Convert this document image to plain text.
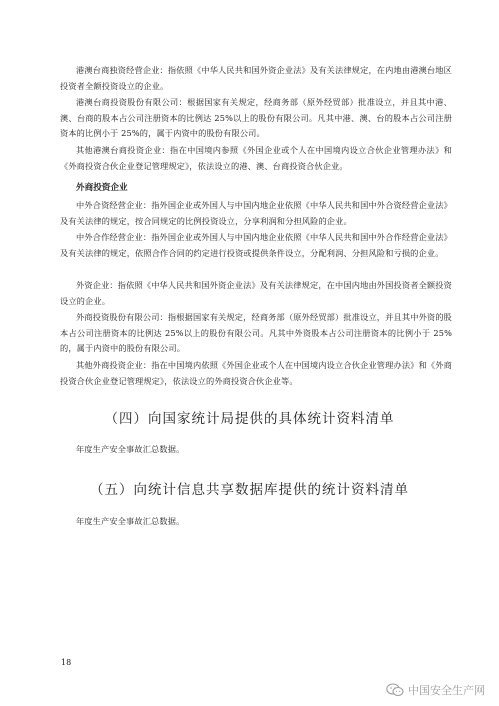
港澳台商独资经营企业：指依照《中华人民共和国外资企业法》及有关法律规定，在内地由港澳台地区投资者全额投资设立的企业。

港澳台商投资股份有限公司：根据国家有关规定，经商务部（原外经贸部）批准设立，并且其中港、澳、台商的股本占公司注册资本的比例达 25%以上的股份有限公司。凡其中港、澳、台的股本占公司注册资本的比例小于 25%的，属于内资中的股份有限公司。

其他港澳台商投资企业：指在中国境内参照《外国企业或个人在中国境内设立合伙企业管理办法》和《外商投资合伙企业登记管理规定》，依法设立的港、澳、台商投资合伙企业。

外商投资企业

中外合资经营企业：指外国企业或外国人与中国内地企业依照《中华人民共和国中外合资经营企业法》及有关法律的规定，按合同规定的比例投资设立，分享利润和分担风险的企业。

中外合作经营企业：指外国企业或外国人与中国内地企业依照《中华人民共和国中外合作经营企业法》及有关法律的规定，依照合作合同的约定进行投资或提供条件设立，分配利润、分担风险和亏损的企业。

外资企业：指依照《中华人民共和国外资企业法》及有关法律规定，在中国内地由外国投资者全额投资设立的企业。

外商投资股份有限公司：指根据国家有关规定，经商务部（原外经贸部）批准设立，并且其中外资的股本占公司注册资本的比例达 25%以上的股份有限公司。凡其中外资股本占公司注册资本的比例小于 25%的，属于内资中的股份有限公司。

其他外商投资企业：指在中国境内依照《外国企业或个人在中国境内设立合伙企业管理办法》和《外商投资合伙企业登记管理规定》，依法设立的外商投资合伙企业等。

（四）向国家统计局提供的具体统计资料清单

年度生产安全事故汇总数据。

（五）向统计信息共享数据库提供的统计资料清单

年度生产安全事故汇总数据。

18
中国安全生产网
